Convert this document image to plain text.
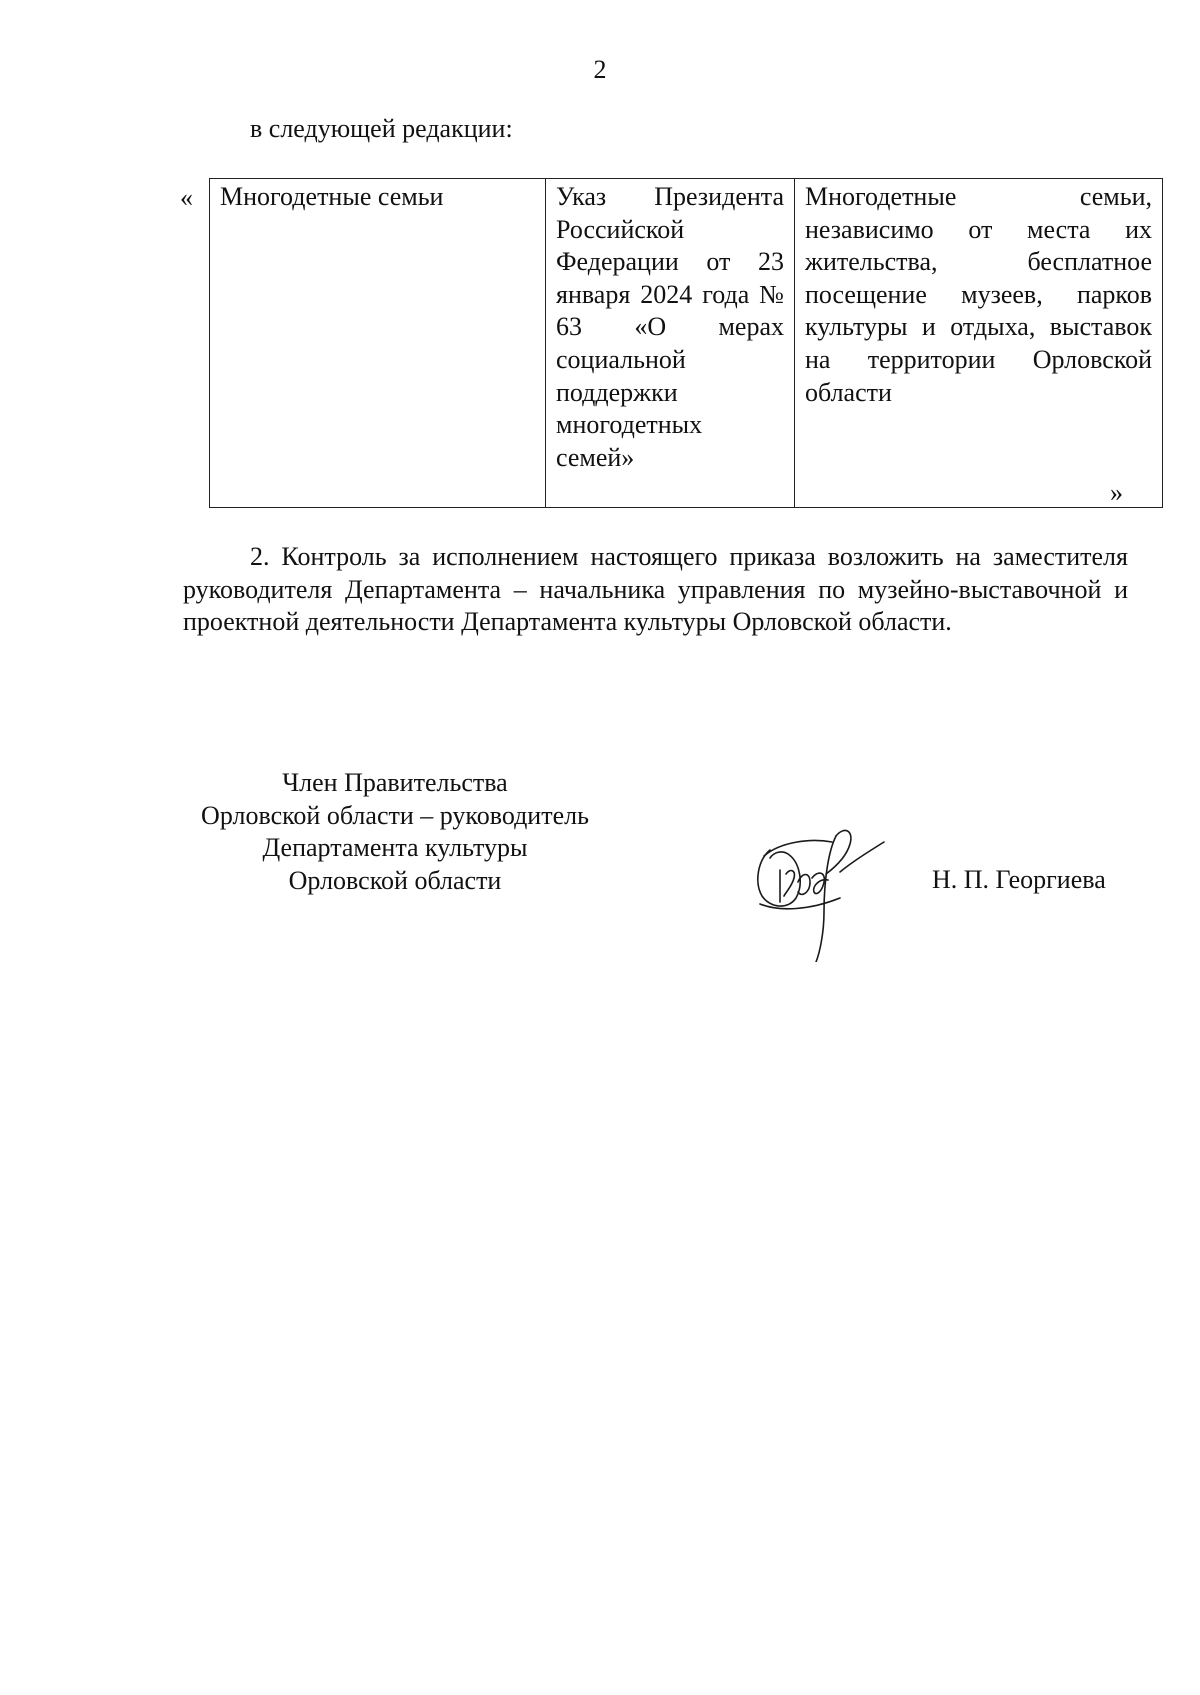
2
в следующей редакции:
« Многодетные семьи	Указ Президента Российской Федерации от 23 января 2024 года № 63 «О мерах социальной поддержки многодетных семей»	Многодетные семьи, независимо от места их жительства, бесплатное посещение музеев, парков культуры и отдыха, выставок на территории Орловской области
»
2. Контроль за исполнением настоящего приказа возложить на заместителя руководителя Департамента – начальника управления по музейно-выставочной и проектной деятельности Департамента культуры Орловской области.
Член Правительства
Орловской области – руководитель
Департамента культуры
Орловской области	Н. П. Георгиева
